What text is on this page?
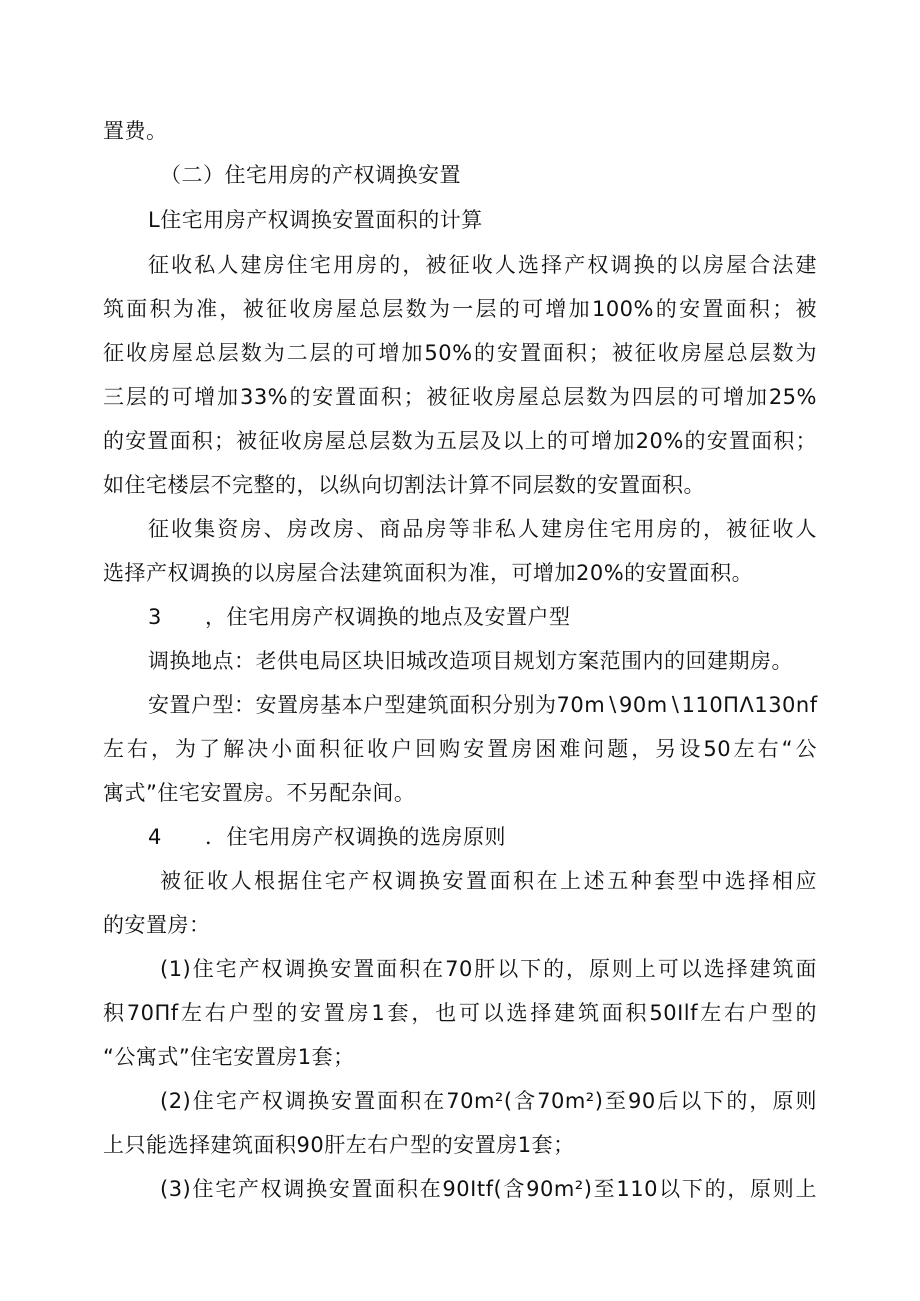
置费。
（二）住宅用房的产权调换安置
L住宅用房产权调换安置面积的计算
征收私人建房住宅用房的，被征收人选择产权调换的以房屋合法建
筑面积为准，被征收房屋总层数为一层的可增加100%的安置面积；被
征收房屋总层数为二层的可增加50%的安置面积；被征收房屋总层数为
三层的可增加33%的安置面积；被征收房屋总层数为四层的可增加25%
的安置面积；被征收房屋总层数为五层及以上的可增加20%的安置面积；
如住宅楼层不完整的，以纵向切割法计算不同层数的安置面积。
征收集资房、房改房、商品房等非私人建房住宅用房的，被征收人
选择产权调换的以房屋合法建筑面积为准，可增加20%的安置面积。
3 ，住宅用房产权调换的地点及安置户型
调换地点：老供电局区块旧城改造项目规划方案范围内的回建期房。
安置户型：安置房基本户型建筑面积分别为70m∖90m∖110ΠΛ130nf
左右，为了解决小面积征收户回购安置房困难问题，另设50左右“公
寓式”住宅安置房。不另配杂间。
4 ．住宅用房产权调换的选房原则
被征收人根据住宅产权调换安置面积在上述五种套型中选择相应
的安置房：
(1)住宅产权调换安置面积在70肝以下的，原则上可以选择建筑面
积70Πf左右户型的安置房1套，也可以选择建筑面积50Ilf左右户型的
“公寓式”住宅安置房1套；
(2)住宅产权调换安置面积在70m²(含70m²)至90后以下的，原则
上只能选择建筑面积90肝左右户型的安置房1套；
(3)住宅产权调换安置面积在90Itf(含90m²)至110以下的，原则上
